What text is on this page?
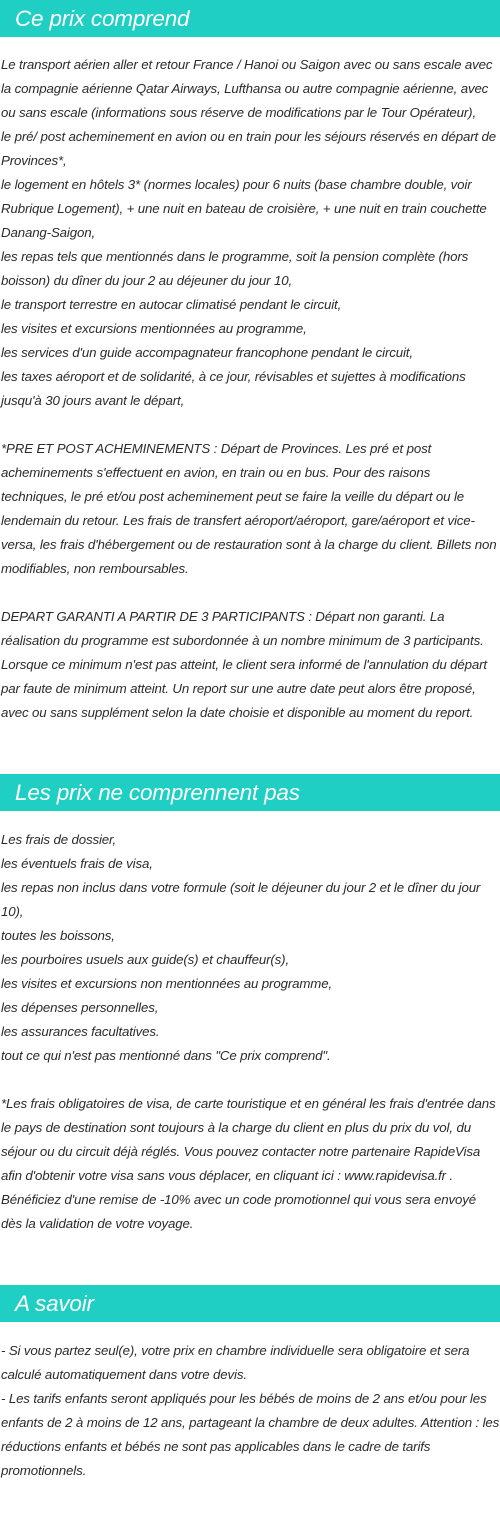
Ce prix comprend

Le transport aérien aller et retour France / Hanoi ou Saigon avec ou sans escale avec la compagnie aérienne Qatar Airways, Lufthansa ou autre compagnie aérienne, avec ou sans escale (informations sous réserve de modifications par le Tour Opérateur),

le pré/ post acheminement en avion ou en train pour les séjours réservés en départ de Provinces*,

le logement en hôtels 3* (normes locales) pour 6 nuits (base chambre double, voir Rubrique Logement), + une nuit en bateau de croisière, + une nuit en train couchette Danang-Saigon,

les repas tels que mentionnés dans le programme, soit la pension complète (hors boisson) du dîner du jour 2 au déjeuner du jour 10,

le transport terrestre en autocar climatisé pendant le circuit,

les visites et excursions mentionnées au programme,

les services d'un guide accompagnateur francophone pendant le circuit,

les taxes aéroport et de solidarité, à ce jour, révisables et sujettes à modifications jusqu'à 30 jours avant le départ,

*PRE ET POST ACHEMINEMENTS : Départ de Provinces. Les pré et post acheminements s'effectuent en avion, en train ou en bus. Pour des raisons techniques, le pré et/ou post acheminement peut se faire la veille du départ ou le lendemain du retour. Les frais de transfert aéroport/aéroport, gare/aéroport et vice-versa, les frais d'hébergement ou de restauration sont à la charge du client. Billets non modifiables, non remboursables.

DEPART GARANTI A PARTIR DE 3 PARTICIPANTS : Départ non garanti. La réalisation du programme est subordonnée à un nombre minimum de 3 participants. Lorsque ce minimum n'est pas atteint, le client sera informé de l'annulation du départ par faute de minimum atteint. Un report sur une autre date peut alors être proposé, avec ou sans supplément selon la date choisie et disponible au moment du report.

Les prix ne comprennent pas

Les frais de dossier,

les éventuels frais de visa,

les repas non inclus dans votre formule (soit le déjeuner du jour 2 et le dîner du jour 10),

toutes les boissons,

les pourboires usuels aux guide(s) et chauffeur(s),

les visites et excursions non mentionnées au programme,

les dépenses personnelles,

les assurances facultatives.

tout ce qui n'est pas mentionné dans "Ce prix comprend".

*Les frais obligatoires de visa, de carte touristique et en général les frais d'entrée dans le pays de destination sont toujours à la charge du client en plus du prix du vol, du séjour ou du circuit déjà réglés. Vous pouvez contacter notre partenaire RapideVisa afin d'obtenir votre visa sans vous déplacer, en cliquant ici : www.rapidevisa.fr . Bénéficiez d'une remise de -10% avec un code promotionnel qui vous sera envoyé dès la validation de votre voyage.

A savoir

- Si vous partez seul(e), votre prix en chambre individuelle sera obligatoire et sera calculé automatiquement dans votre devis.

- Les tarifs enfants seront appliqués pour les bébés de moins de 2 ans et/ou pour les enfants de 2 à moins de 12 ans, partageant la chambre de deux adultes. Attention : les réductions enfants et bébés ne sont pas applicables dans le cadre de tarifs promotionnels.
